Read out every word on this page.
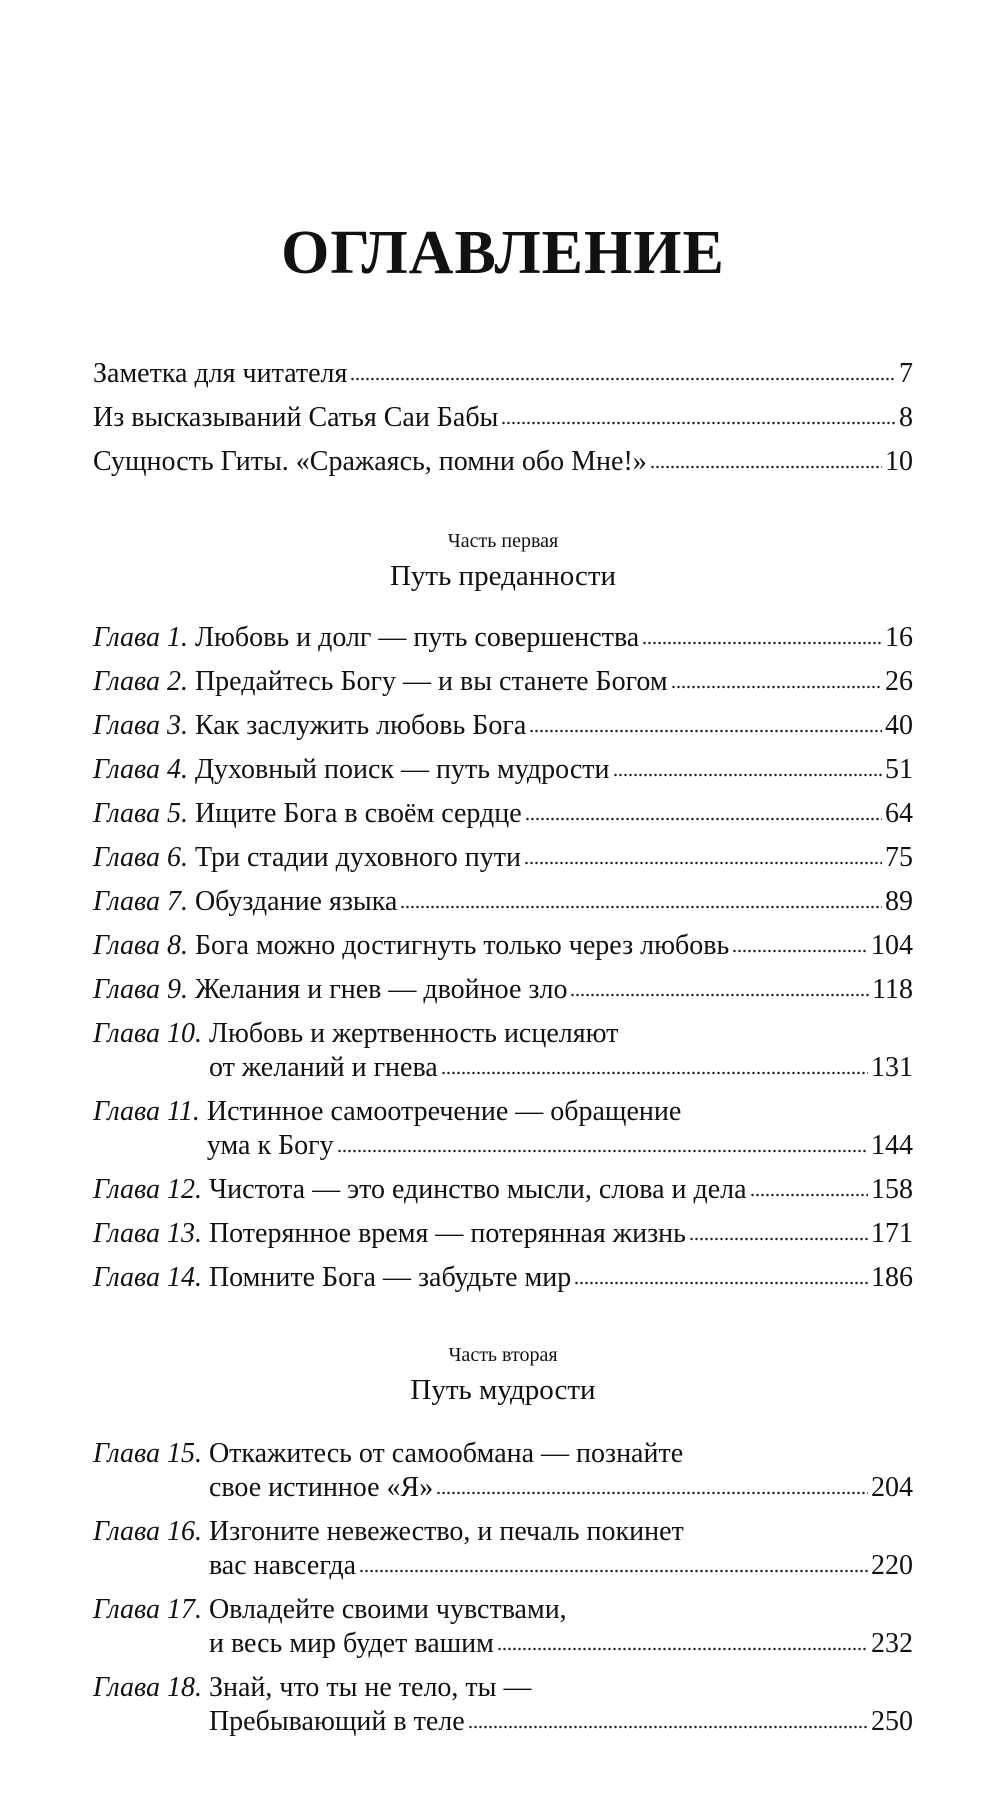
ОГЛАВЛЕНИЕ
Заметка для читателя	7
Из высказываний Сатья Саи Бабы	8
Сущность Гиты. «Сражаясь, помни обо Мне!»	10
Часть первая
Путь преданности
Глава 1. Любовь и долг — путь совершенства	16
Глава 2. Предайтесь Богу — и вы станете Богом	26
Глава 3. Как заслужить любовь Бога	40
Глава 4. Духовный поиск — путь мудрости	51
Глава 5. Ищите Бога в своём сердце	64
Глава 6. Три стадии духовного пути	75
Глава 7. Обуздание языка	89
Глава 8. Бога можно достигнуть только через любовь	104
Глава 9. Желания и гнев — двойное зло	118
Глава 10. Любовь и жертвенность исцеляют
от желаний и гнева	131
Глава 11. Истинное самоотречение — обращение
ума к Богу	144
Глава 12. Чистота — это единство мысли, слова и дела	158
Глава 13. Потерянное время — потерянная жизнь	171
Глава 14. Помните Бога — забудьте мир	186
Часть вторая
Путь мудрости
Глава 15. Откажитесь от самообмана — познайте
свое истинное «Я»	204
Глава 16. Изгоните невежество, и печаль покинет
вас навсегда	220
Глава 17. Овладейте своими чувствами,
и весь мир будет вашим	232
Глава 18. Знай, что ты не тело, ты —
Пребывающий в теле	250
